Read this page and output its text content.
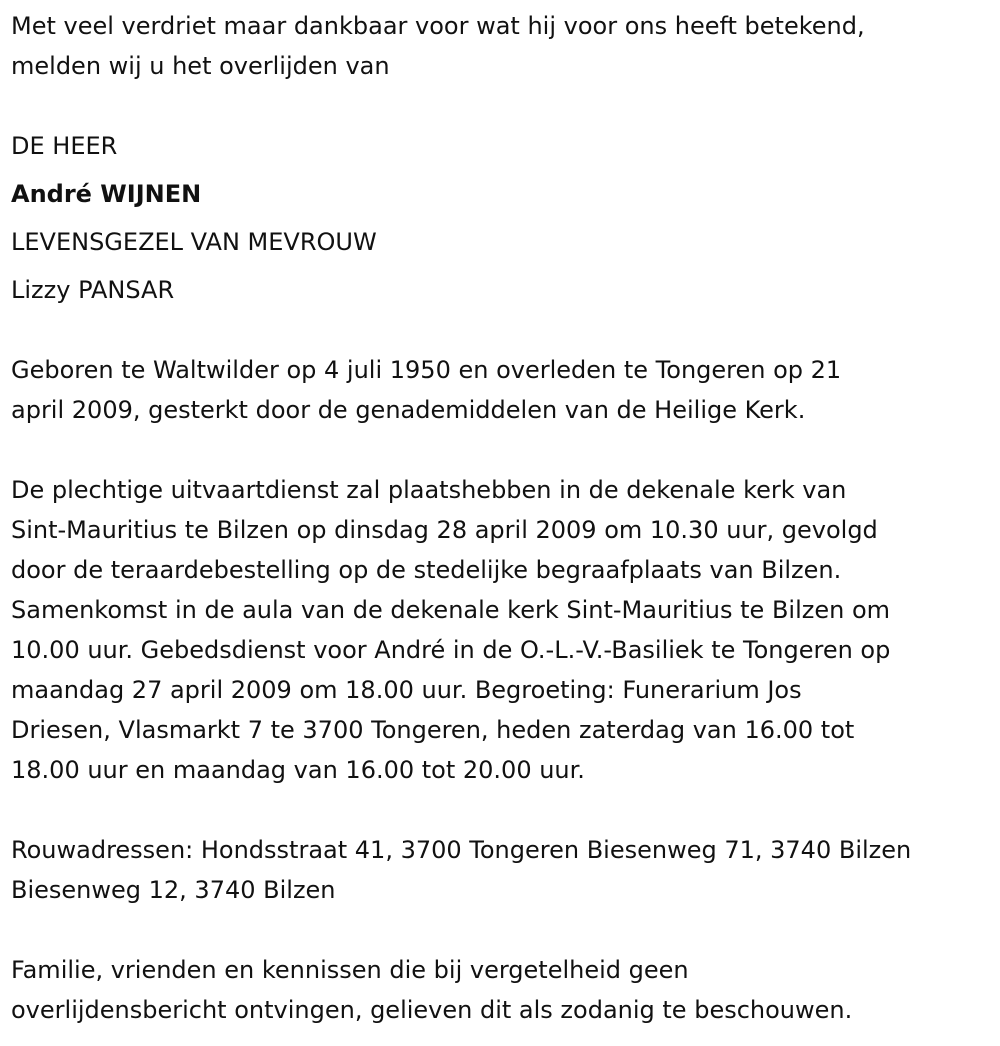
Met veel verdriet maar dankbaar voor wat hij voor ons heeft betekend,
melden wij u het overlijden van
DE HEER
André WIJNEN
LEVENSGEZEL VAN MEVROUW
Lizzy PANSAR
Geboren te Waltwilder op 4 juli 1950 en overleden te Tongeren op 21
april 2009, gesterkt door de genademiddelen van de Heilige Kerk.
De plechtige uitvaartdienst zal plaatshebben in de dekenale kerk van
Sint-Mauritius te Bilzen op dinsdag 28 april 2009 om 10.30 uur, gevolgd
door de teraardebestelling op de stedelijke begraafplaats van Bilzen.
Samenkomst in de aula van de dekenale kerk Sint-Mauritius te Bilzen om
10.00 uur. Gebedsdienst voor André in de O.-L.-V.-Basiliek te Tongeren op
maandag 27 april 2009 om 18.00 uur. Begroeting: Funerarium Jos
Driesen, Vlasmarkt 7 te 3700 Tongeren, heden zaterdag van 16.00 tot
18.00 uur en maandag van 16.00 tot 20.00 uur.
Rouwadressen: Hondsstraat 41, 3700 Tongeren Biesenweg 71, 3740 Bilzen
Biesenweg 12, 3740 Bilzen
Familie, vrienden en kennissen die bij vergetelheid geen
overlijdensbericht ontvingen, gelieven dit als zodanig te beschouwen.
